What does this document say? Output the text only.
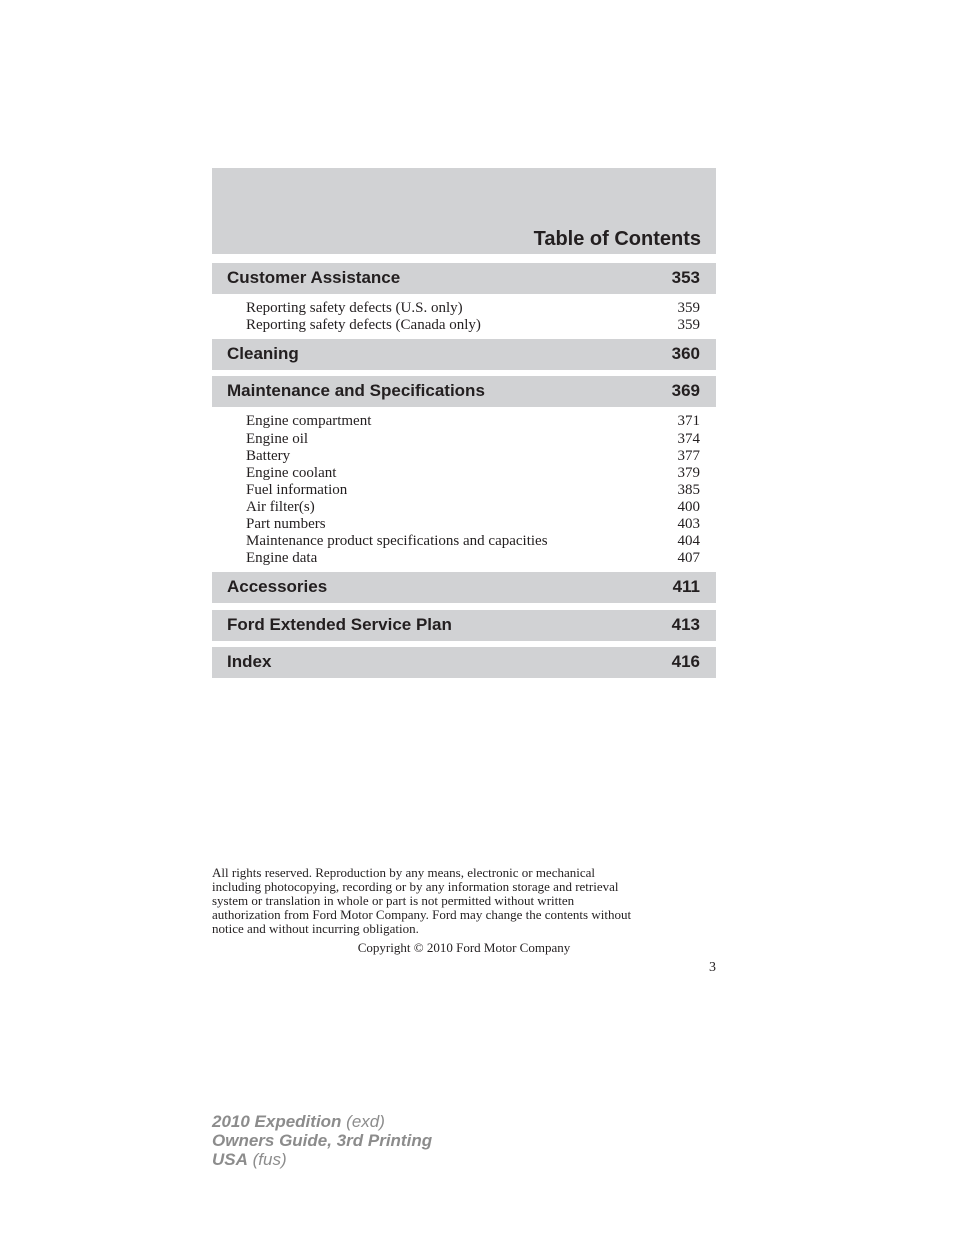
Table of Contents
Customer Assistance	353
Reporting safety defects (U.S. only)	359
Reporting safety defects (Canada only)	359
Cleaning	360
Maintenance and Specifications	369
Engine compartment	371
Engine oil	374
Battery	377
Engine coolant	379
Fuel information	385
Air filter(s)	400
Part numbers	403
Maintenance product specifications and capacities	404
Engine data	407
Accessories	411
Ford Extended Service Plan	413
Index	416
All rights reserved. Reproduction by any means, electronic or mechanical
including photocopying, recording or by any information storage and retrieval
system or translation in whole or part is not permitted without written
authorization from Ford Motor Company. Ford may change the contents without
notice and without incurring obligation.
Copyright © 2010 Ford Motor Company
3
2010 Expedition (exd)
Owners Guide, 3rd Printing
USA (fus)
